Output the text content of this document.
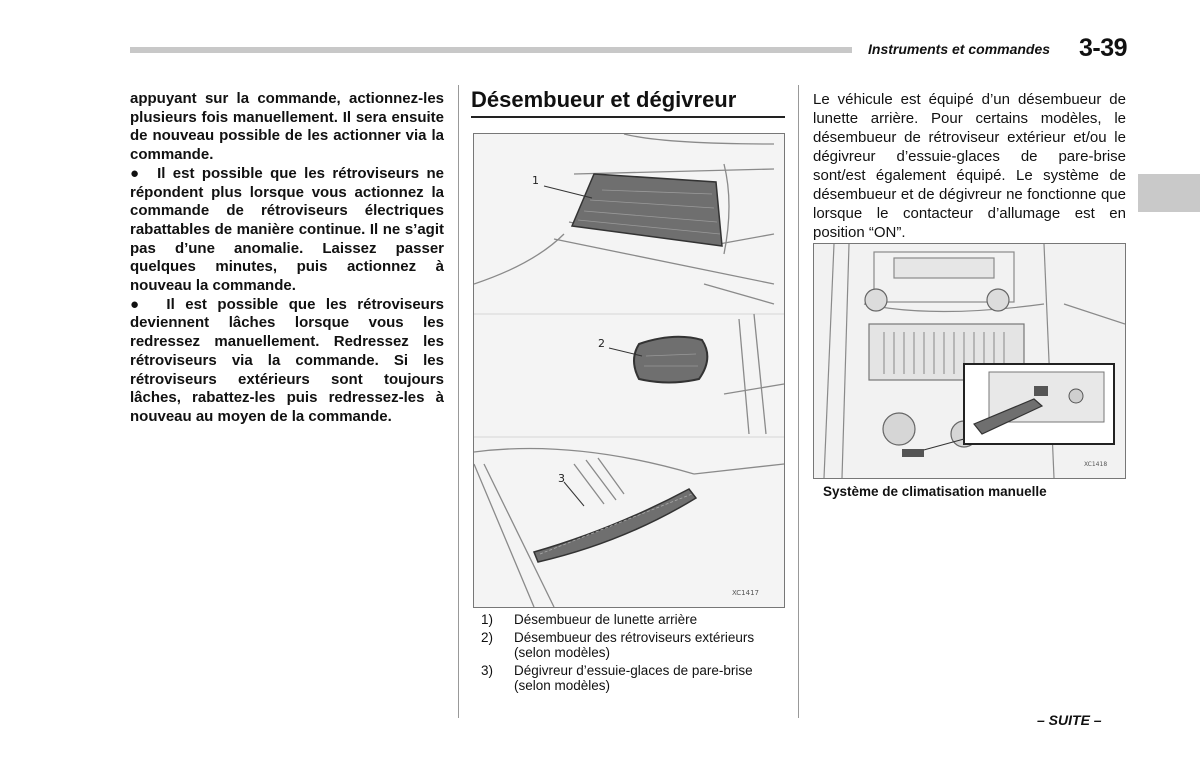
Instruments et commandes 3-39

appuyant sur la commande, actionnez-les plusieurs fois manuellement. Il sera ensuite de nouveau possible de les actionner via la commande.

● Il est possible que les rétroviseurs ne répondent plus lorsque vous actionnez la commande de rétroviseurs électriques rabattables de manière continue. Il ne s’agit pas d’une anomalie. Laissez passer quelques minutes, puis actionnez à nouveau la commande.

● Il est possible que les rétroviseurs deviennent lâches lorsque vous les redressez manuellement. Redressez les rétroviseurs via la commande. Si les rétroviseurs extérieurs sont toujours lâches, rabattez-les puis redressez-les à nouveau au moyen de la commande.

Désembueur et dégivreur
1
2
3
XC1417
1)	Désembueur de lunette arrière
2)	Désembueur des rétroviseurs extérieurs (selon modèles)
3)	Dégivreur d’essuie-glaces de pare-brise (selon modèles)
Le véhicule est équipé d’un désembueur de lunette arrière. Pour certains modèles, le désembueur de rétroviseur extérieur et/ou le dégivreur d’essuie-glaces de pare-brise sont/est également équipé. Le système de désembueur et de dégivreur ne fonctionne que lorsque le contacteur d’allumage est en position “ON”.
XC1418
Système de climatisation manuelle
– SUITE –
